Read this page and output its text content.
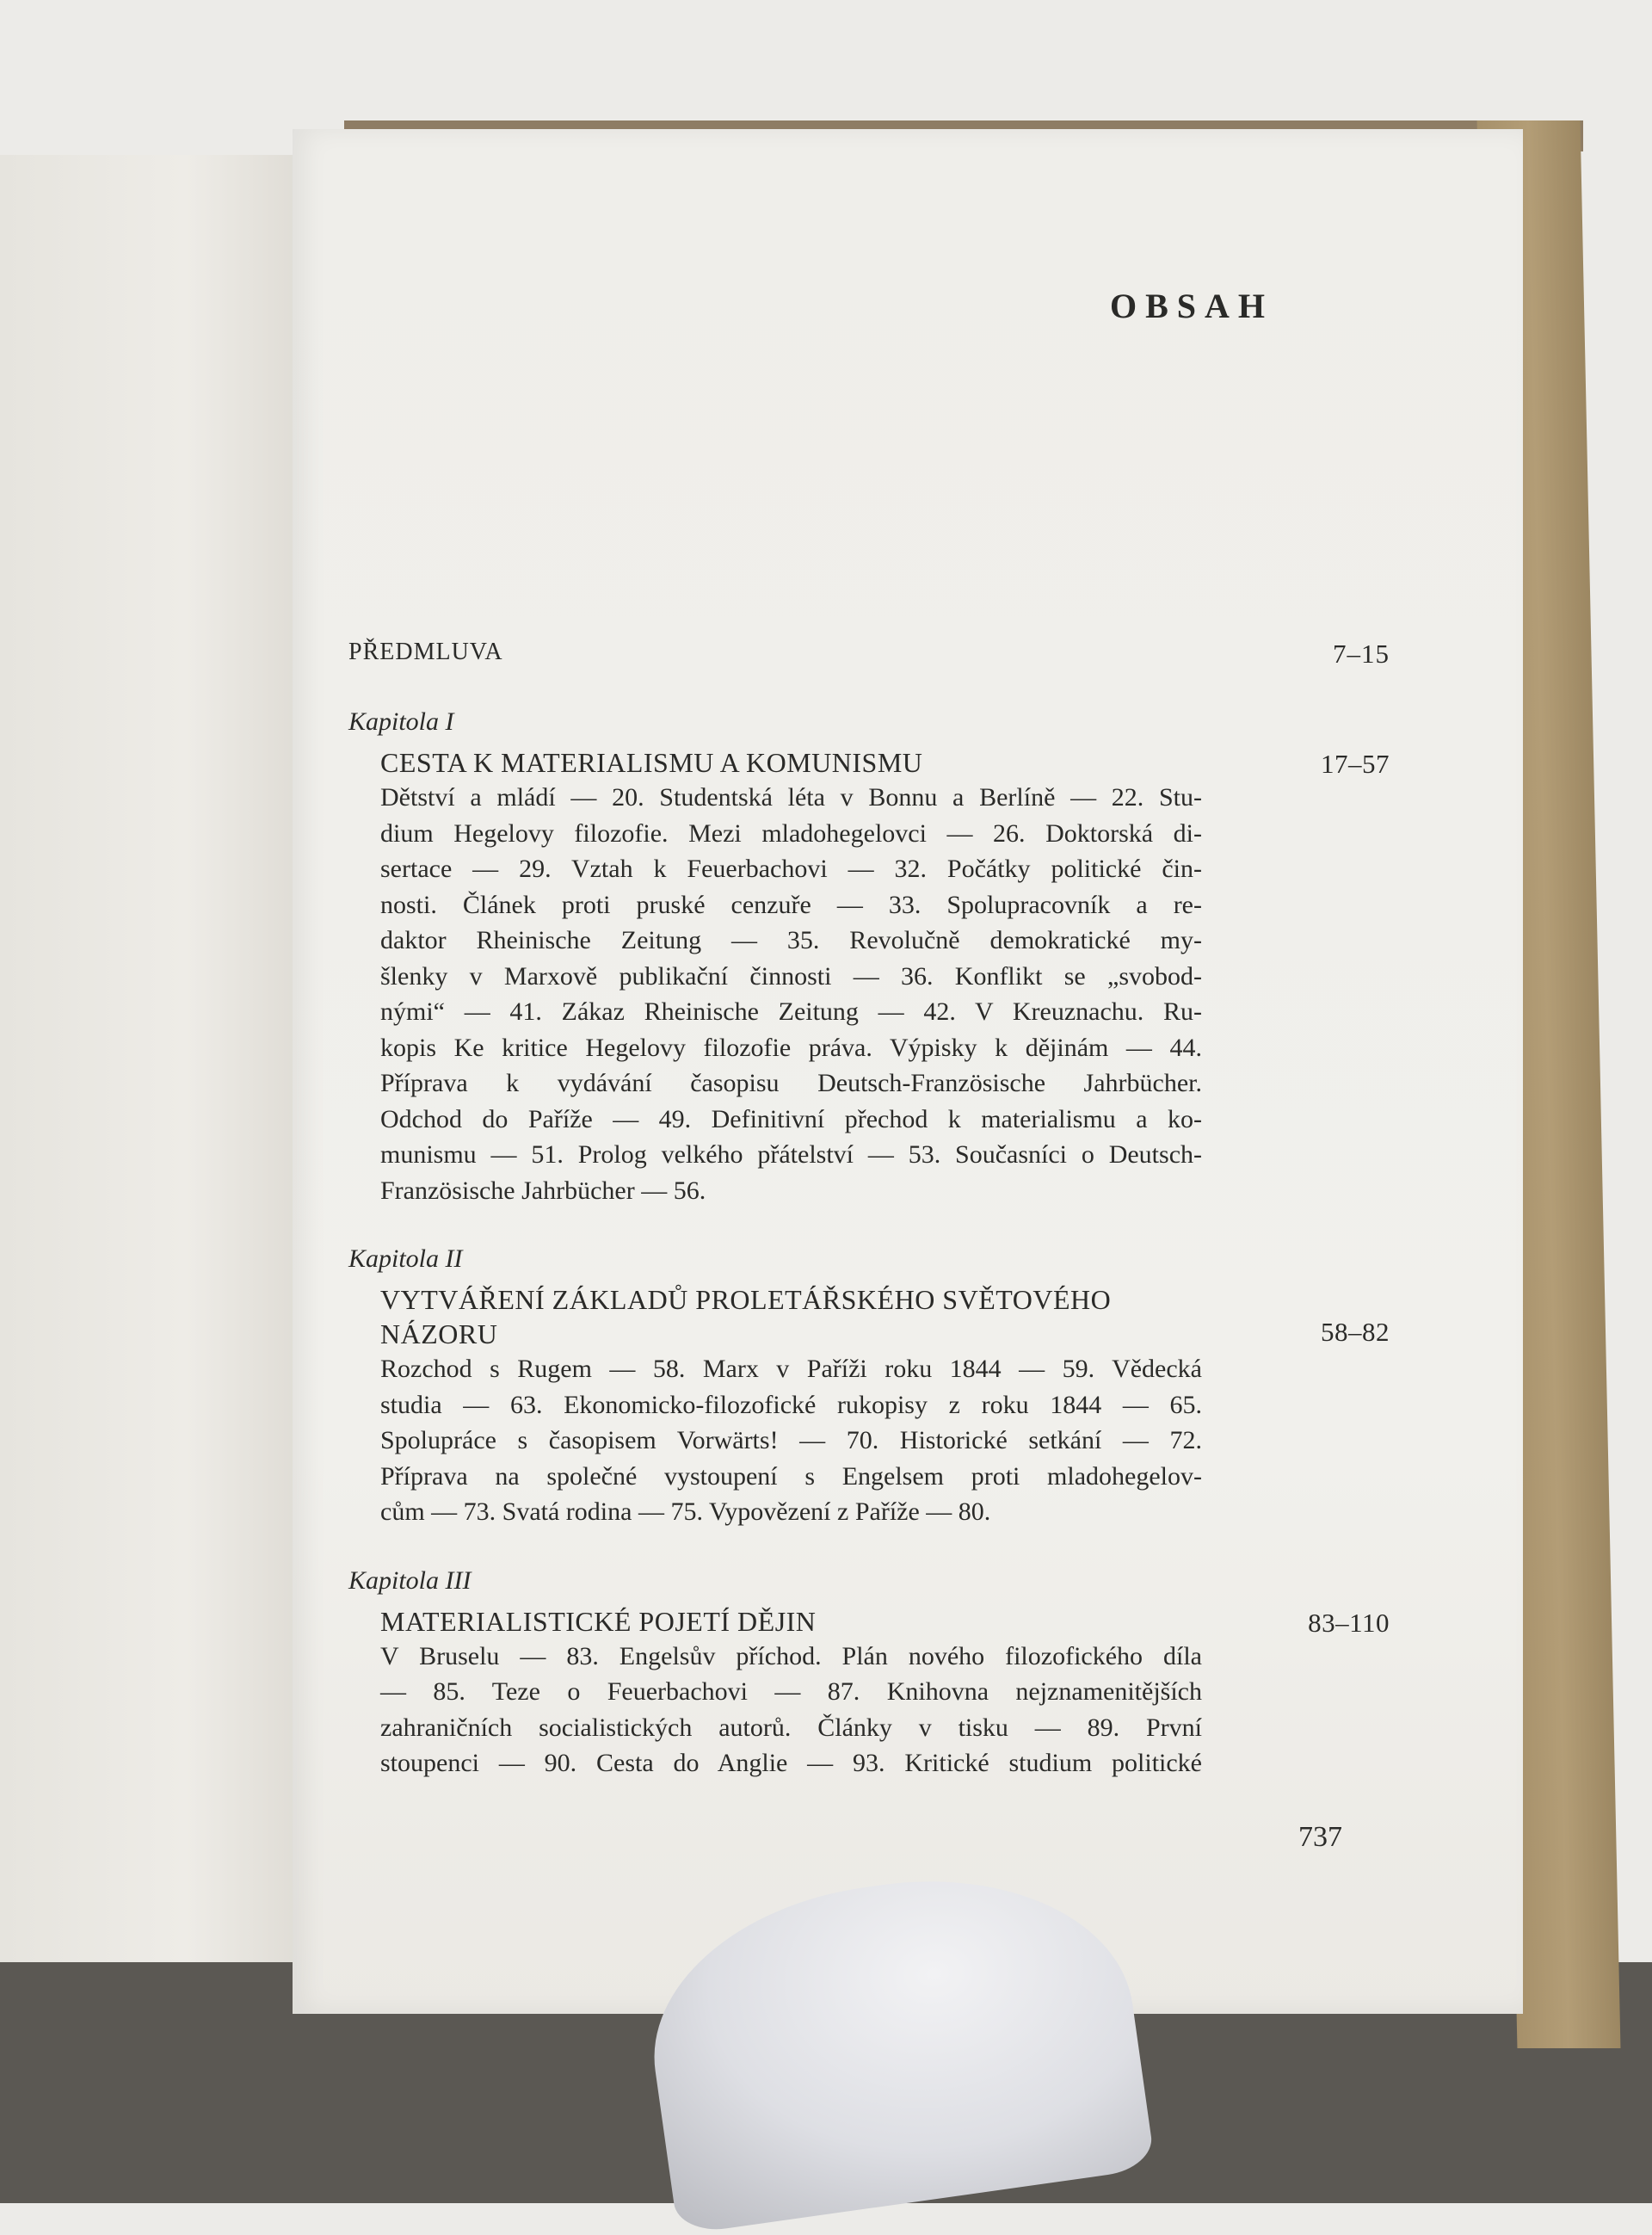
OBSAH
PŘEDMLUVA	7–15
Kapitola I
CESTA K MATERIALISMU A KOMUNISMU	17–57
Dětství a mládí — 20. Studentská léta v Bonnu a Berlíně — 22. Stu-
dium Hegelovy filozofie. Mezi mladohegelovci — 26. Doktorská di-
sertace — 29. Vztah k Feuerbachovi — 32. Počátky politické čin-
nosti. Článek proti pruské cenzuře — 33. Spolupracovník a re-
daktor Rheinische Zeitung — 35. Revolučně demokratické my-
šlenky v Marxově publikační činnosti — 36. Konflikt se „svobod-
nými“ — 41. Zákaz Rheinische Zeitung — 42. V Kreuznachu. Ru-
kopis Ke kritice Hegelovy filozofie práva. Výpisky k dějinám — 44.
Příprava k vydávání časopisu Deutsch-Französische Jahrbücher.
Odchod do Paříže — 49. Definitivní přechod k materialismu a ko-
munismu — 51. Prolog velkého přátelství — 53. Současníci o Deutsch-
Französische Jahrbücher — 56.
Kapitola II
VYTVÁŘENÍ ZÁKLADŮ PROLETÁŘSKÉHO SVĚTOVÉHO
NÁZORU	58–82
Rozchod s Rugem — 58. Marx v Paříži roku 1844 — 59. Vědecká
studia — 63. Ekonomicko-filozofické rukopisy z roku 1844 — 65.
Spolupráce s časopisem Vorwärts! — 70. Historické setkání — 72.
Příprava na společné vystoupení s Engelsem proti mladohegelov-
cům — 73. Svatá rodina — 75. Vypovězení z Paříže — 80.
Kapitola III
MATERIALISTICKÉ POJETÍ DĚJIN	83–110
V Bruselu — 83. Engelsův příchod. Plán nového filozofického díla
— 85. Teze o Feuerbachovi — 87. Knihovna nejznamenitějších
zahraničních socialistických autorů. Články v tisku — 89. První
stoupenci — 90. Cesta do Anglie — 93. Kritické studium politické
737
